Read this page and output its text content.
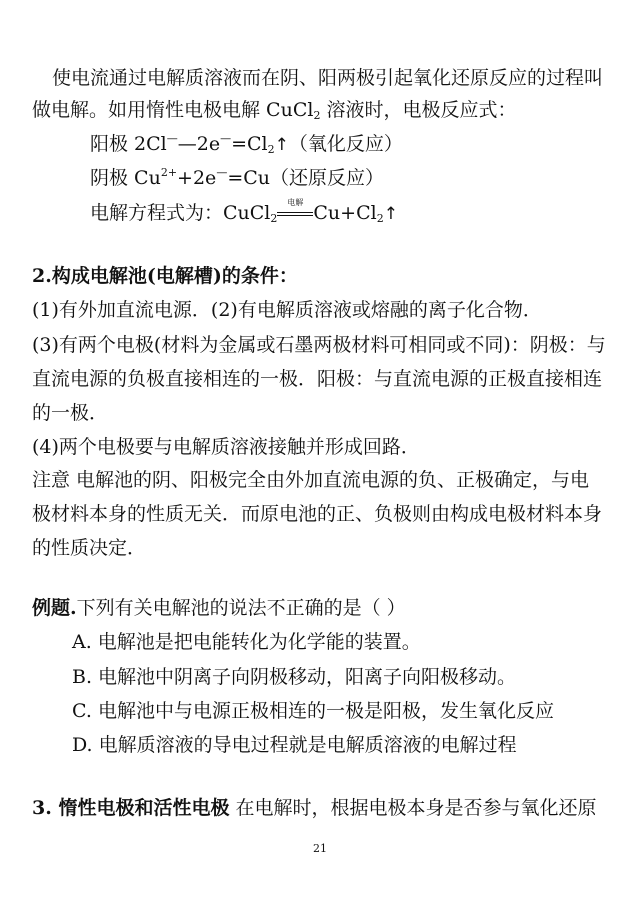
使电流通过电解质溶液而在阴、阳两极引起氧化还原反应的过程叫
做电解。如用惰性电极电解 CuCl$_2$ 溶液时，电极反应式：
阳极 $2Cl^——2e^—=Cl_2↑$（氧化反应）
阴极 $Cu^{2+}+2e^—=Cu$（还原反应）
电解方程式为：CuCl$_2$
电解 $Cu+Cl_2↑$
2.构成电解池(电解槽)的条件：
(1)有外加直流电源．(2)有电解质溶液或熔融的离子化合物．
(3)有两个电极(材料为金属或石墨两极材料可相同或不同)：阴极：与
直流电源的负极直接相连的一极．阳极：与直流电源的正极直接相连
的一极．
(4)两个电极要与电解质溶液接触并形成回路．
注意 电解池的阴、阳极完全由外加直流电源的负、正极确定，与电
极材料本身的性质无关．而原电池的正、负极则由构成电极材料本身
的性质决定．
例题.下列有关电解池的说法不正确的是（ ）
A. 电解池是把电能转化为化学能的装置。
B. 电解池中阴离子向阴极移动，阳离子向阳极移动。
C. 电解池中与电源正极相连的一极是阳极，发生氧化反应
D. 电解质溶液的导电过程就是电解质溶液的电解过程
3. 惰性电极和活性电极 在电解时，根据电极本身是否参与氧化还原
21
